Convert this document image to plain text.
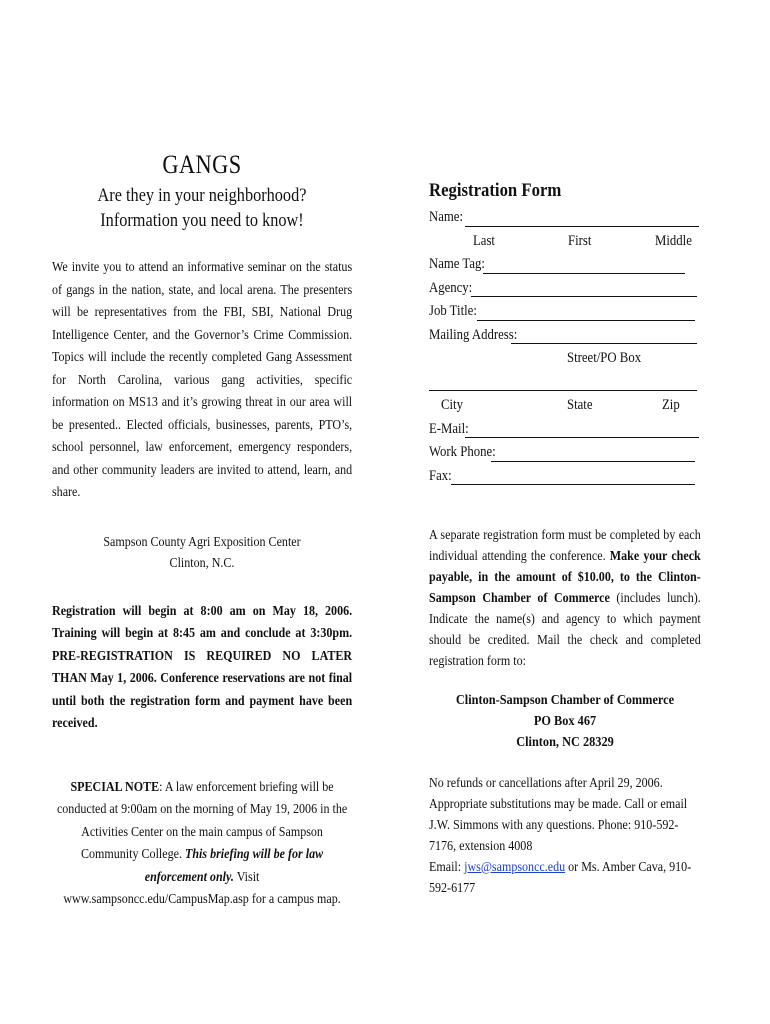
GANGS
Are they in your neighborhood?
Information you need to know!
We invite you to attend an informative seminar on the status of gangs in the nation, state, and local arena. The presenters will be representatives from the FBI, SBI, National Drug Intelligence Center, and the Governor’s Crime Commission. Topics will include the recently completed Gang Assessment for North Carolina, various gang activities, specific information on MS13 and it’s growing threat in our area will be presented.. Elected officials, businesses, parents, PTO’s, school personnel, law enforcement, emergency responders, and other community leaders are invited to attend, learn, and share.
Sampson County Agri Exposition Center
Clinton, N.C.
Registration will begin at 8:00 am on May 18, 2006. Training will begin at 8:45 am and conclude at 3:30pm. PRE-REGISTRATION IS REQUIRED NO LATER THAN May 1, 2006. Conference reservations are not final until both the registration form and payment have been received.
SPECIAL NOTE: A law enforcement briefing will be conducted at 9:00am on the morning of May 19, 2006 in the Activities Center on the main campus of Sampson Community College. This briefing will be for law enforcement only. Visit www.sampsoncc.edu/CampusMap.asp for a campus map.
Registration Form
Name:
Last	First	Middle
Name Tag:
Agency:
Job Title:
Mailing Address:
Street/PO Box
City	State	Zip
E-Mail:
Work Phone:
Fax:
A separate registration form must be completed by each individual attending the conference. Make your check payable, in the amount of $10.00, to the Clinton-Sampson Chamber of Commerce (includes lunch). Indicate the name(s) and agency to which payment should be credited. Mail the check and completed registration form to:
Clinton-Sampson Chamber of Commerce
PO Box 467
Clinton, NC 28329
No refunds or cancellations after April 29, 2006. Appropriate substitutions may be made. Call or email J.W. Simmons with any questions. Phone: 910-592-7176, extension 4008
Email: jws@sampsoncc.edu or Ms. Amber Cava, 910-592-6177
